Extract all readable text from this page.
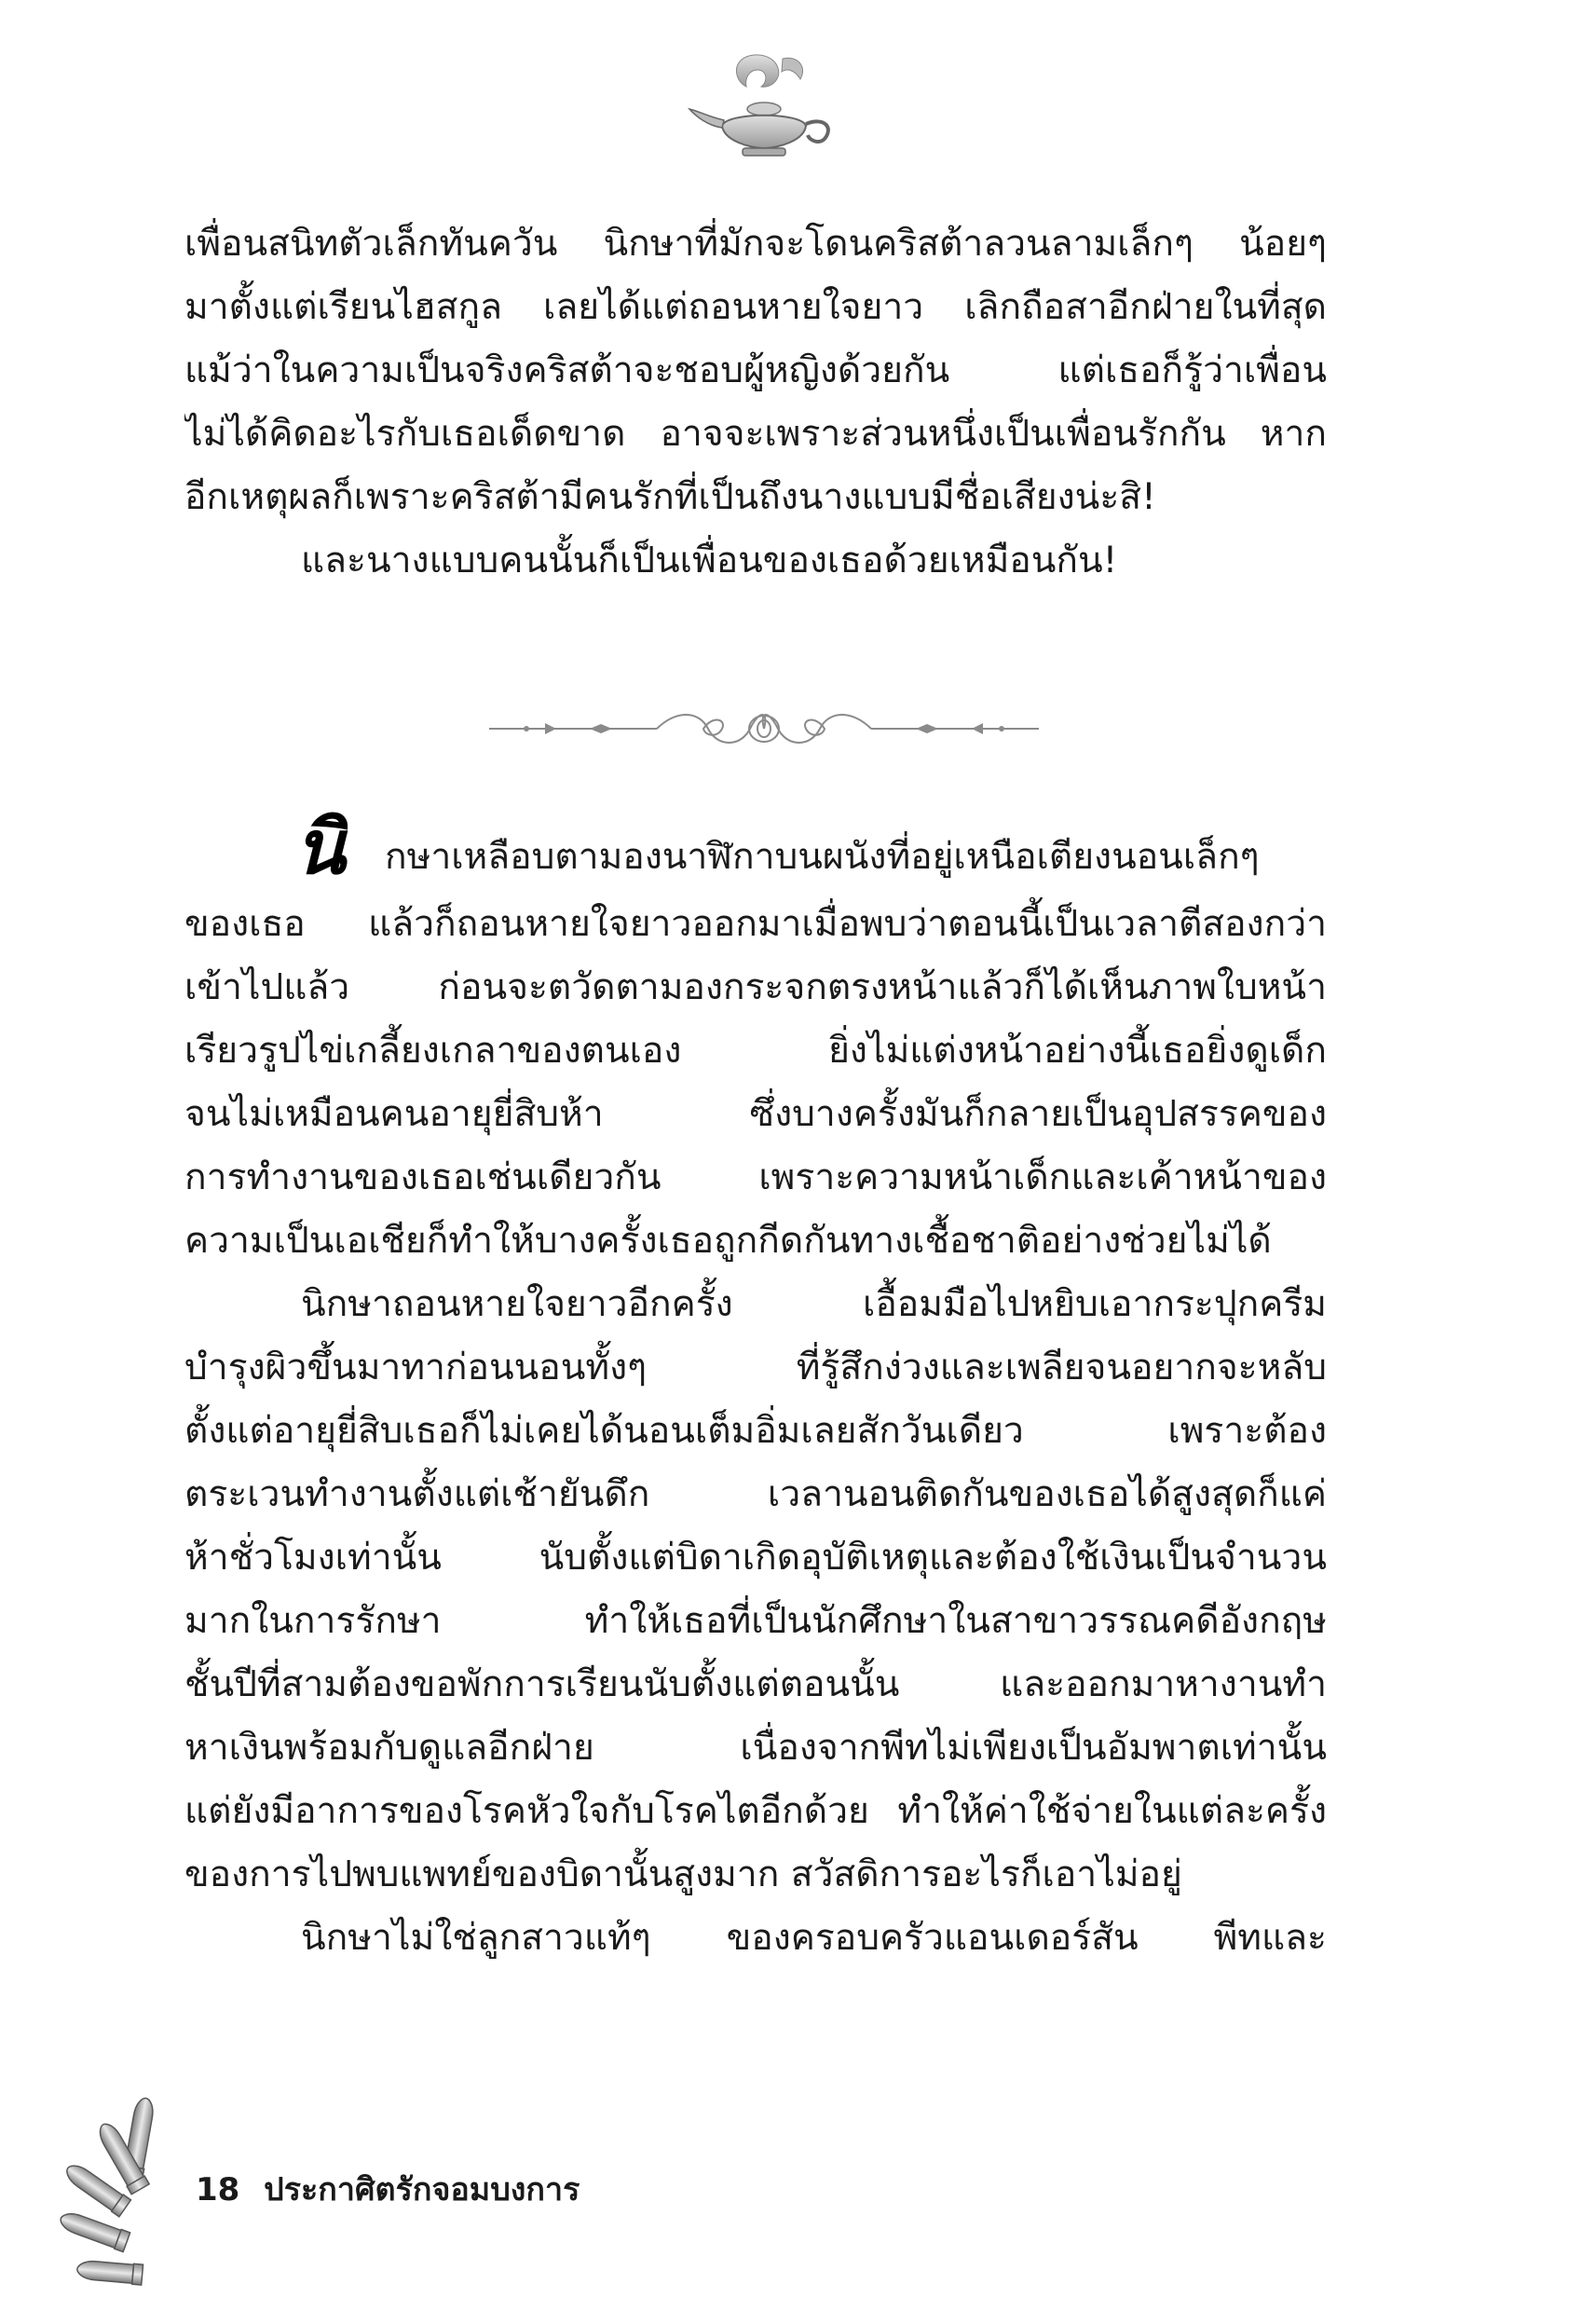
เพื่อนสนิทตัวเล็กทันควัน นิกษาที่มักจะโดนคริสต้าลวนลามเล็กๆ น้อยๆ
มาตั้งแต่เรียนไฮสกูล เลยได้แต่ถอนหายใจยาว เลิกถือสาอีกฝ่ายในที่สุด
แม้ว่าในความเป็นจริงคริสต้าจะชอบผู้หญิงด้วยกัน แต่เธอก็รู้ว่าเพื่อน
ไม่ได้คิดอะไรกับเธอเด็ดขาด อาจจะเพราะส่วนหนึ่งเป็นเพื่อนรักกัน หาก
อีกเหตุผลก็เพราะคริสต้ามีคนรักที่เป็นถึงนางแบบมีชื่อเสียงน่ะสิ!
และนางแบบคนนั้นก็เป็นเพื่อนของเธอด้วยเหมือนกัน!
นิ กษาเหลือบตามองนาฬิกาบนผนังที่อยู่เหนือเตียงนอนเล็กๆ
ของเธอ แล้วก็ถอนหายใจยาวออกมาเมื่อพบว่าตอนนี้เป็นเวลาตีสองกว่า
เข้าไปแล้ว ก่อนจะตวัดตามองกระจกตรงหน้าแล้วก็ได้เห็นภาพใบหน้า
เรียวรูปไข่เกลี้ยงเกลาของตนเอง ยิ่งไม่แต่งหน้าอย่างนี้เธอยิ่งดูเด็ก
จนไม่เหมือนคนอายุยี่สิบห้า ซึ่งบางครั้งมันก็กลายเป็นอุปสรรคของ
การทำงานของเธอเช่นเดียวกัน เพราะความหน้าเด็กและเค้าหน้าของ
ความเป็นเอเชียก็ทำให้บางครั้งเธอถูกกีดกันทางเชื้อชาติอย่างช่วยไม่ได้
นิกษาถอนหายใจยาวอีกครั้ง เอื้อมมือไปหยิบเอากระปุกครีม
บำรุงผิวขึ้นมาทาก่อนนอนทั้งๆ ที่รู้สึกง่วงและเพลียจนอยากจะหลับ
ตั้งแต่อายุยี่สิบเธอก็ไม่เคยได้นอนเต็มอิ่มเลยสักวันเดียว เพราะต้อง
ตระเวนทำงานตั้งแต่เช้ายันดึก เวลานอนติดกันของเธอได้สูงสุดก็แค่
ห้าชั่วโมงเท่านั้น นับตั้งแต่บิดาเกิดอุบัติเหตุและต้องใช้เงินเป็นจำนวน
มากในการรักษา ทำให้เธอที่เป็นนักศึกษาในสาขาวรรณคดีอังกฤษ
ชั้นปีที่สามต้องขอพักการเรียนนับตั้งแต่ตอนนั้น และออกมาหางานทำ
หาเงินพร้อมกับดูแลอีกฝ่าย เนื่องจากพีทไม่เพียงเป็นอัมพาตเท่านั้น
แต่ยังมีอาการของโรคหัวใจกับโรคไตอีกด้วย ทำให้ค่าใช้จ่ายในแต่ละครั้ง
ของการไปพบแพทย์ของบิดานั้นสูงมาก สวัสดิการอะไรก็เอาไม่อยู่
นิกษาไม่ใช่ลูกสาวแท้ๆ ของครอบครัวแอนเดอร์สัน พีทและ
18 ประกาศิตรักจอมบงการ
